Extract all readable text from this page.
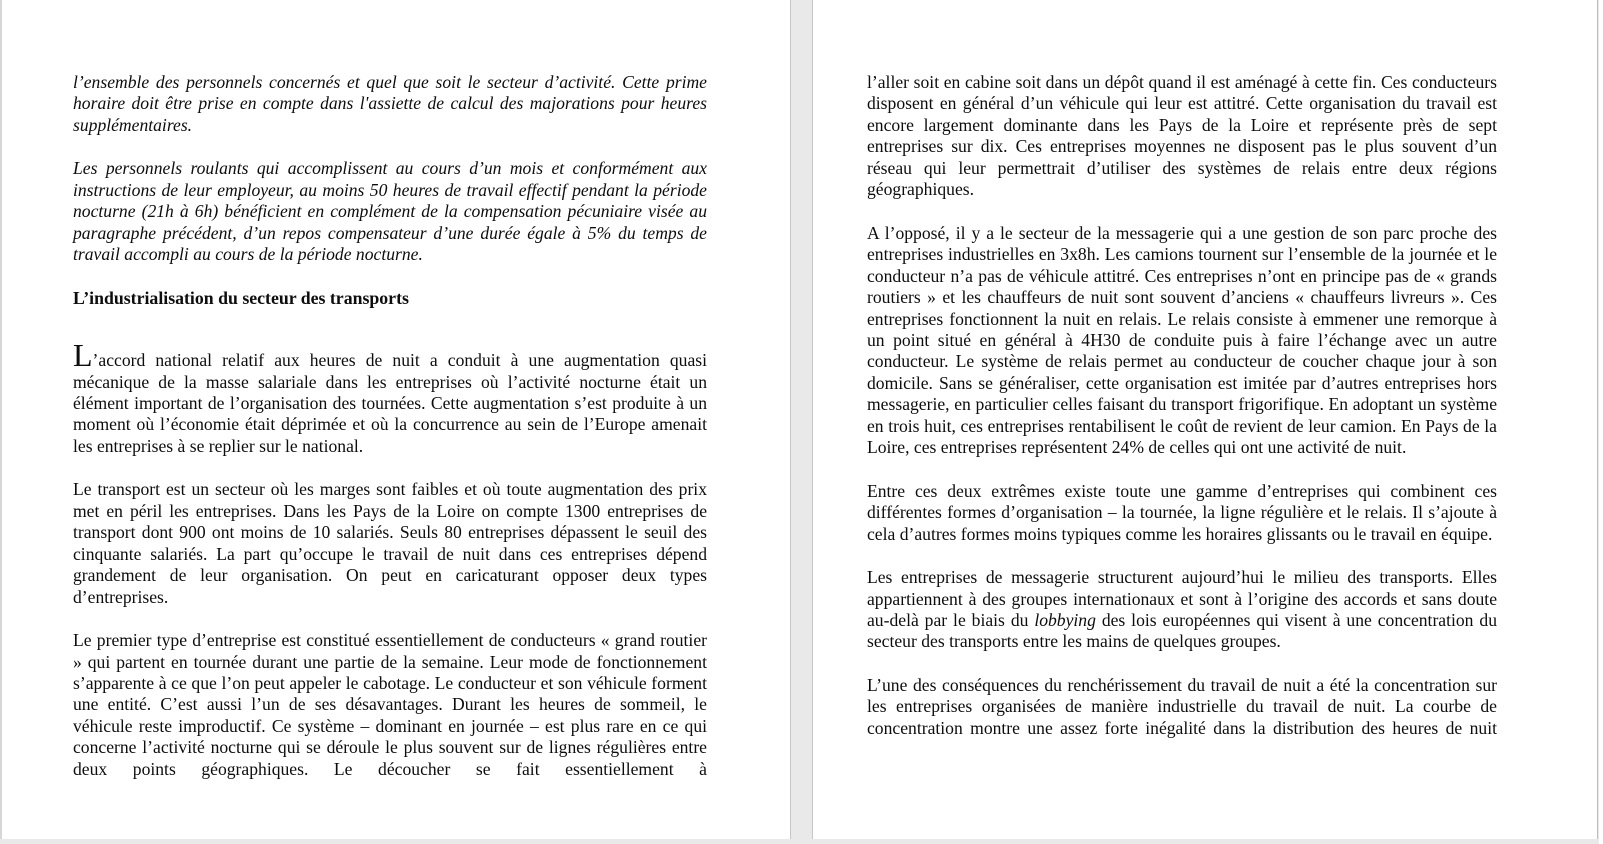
l’ensemble des personnels concernés et quel que soit le secteur d’activité. Cette prime horaire doit être prise en compte dans l'assiette de calcul des majorations pour heures supplémentaires.

Les personnels roulants qui accomplissent au cours d’un mois et conformément aux instructions de leur employeur, au moins 50 heures de travail effectif pendant la période nocturne (21h à 6h) bénéficient en complément de la compensation pécuniaire visée au paragraphe précédent, d’un repos compensateur d’une durée égale à 5% du temps de travail accompli au cours de la période nocturne.

L’industrialisation du secteur des transports

L’accord national relatif aux heures de nuit a conduit à une augmentation quasi mécanique de la masse salariale dans les entreprises où l’activité nocturne était un élément important de l’organisation des tournées. Cette augmentation s’est produite à un moment où l’économie était déprimée et où la concurrence au sein de l’Europe amenait les entreprises à se replier sur le national.

Le transport est un secteur où les marges sont faibles et où toute augmentation des prix met en péril les entreprises. Dans les Pays de la Loire on compte 1300 entreprises de transport dont 900 ont moins de 10 salariés. Seuls 80 entreprises dépassent le seuil des cinquante salariés. La part qu’occupe le travail de nuit dans ces entreprises dépend grandement de leur organisation. On peut en caricaturant opposer deux types d’entreprises.

Le premier type d’entreprise est constitué essentiellement de conducteurs « grand routier » qui partent en tournée durant une partie de la semaine. Leur mode de fonctionnement s’apparente à ce que l’on peut appeler le cabotage. Le conducteur et son véhicule forment une entité. C’est aussi l’un de ses désavantages. Durant les heures de sommeil, le véhicule reste improductif. Ce système – dominant en journée – est plus rare en ce qui concerne l’activité nocturne qui se déroule le plus souvent sur de lignes régulières entre deux points géographiques. Le découcher se fait essentiellement à

l’aller soit en cabine soit dans un dépôt quand il est aménagé à cette fin. Ces conducteurs disposent en général d’un véhicule qui leur est attitré. Cette organisation du travail est encore largement dominante dans les Pays de la Loire et représente près de sept entreprises sur dix. Ces entreprises moyennes ne disposent pas le plus souvent d’un réseau qui leur permettrait d’utiliser des systèmes de relais entre deux régions géographiques.

A l’opposé, il y a le secteur de la messagerie qui a une gestion de son parc proche des entreprises industrielles en 3x8h. Les camions tournent sur l’ensemble de la journée et le conducteur n’a pas de véhicule attitré. Ces entreprises n’ont en principe pas de « grands routiers » et les chauffeurs de nuit sont souvent d’anciens « chauffeurs livreurs ». Ces entreprises fonctionnent la nuit en relais. Le relais consiste à emmener une remorque à un point situé en général à 4H30 de conduite puis à faire l’échange avec un autre conducteur. Le système de relais permet au conducteur de coucher chaque jour à son domicile. Sans se généraliser, cette organisation est imitée par d’autres entreprises hors messagerie, en particulier celles faisant du transport frigorifique. En adoptant un système en trois huit, ces entreprises rentabilisent le coût de revient de leur camion. En Pays de la Loire, ces entreprises représentent 24% de celles qui ont une activité de nuit.

Entre ces deux extrêmes existe toute une gamme d’entreprises qui combinent ces différentes formes d’organisation – la tournée, la ligne régulière et le relais. Il s’ajoute à cela d’autres formes moins typiques comme les horaires glissants ou le travail en équipe.

Les entreprises de messagerie structurent aujourd’hui le milieu des transports. Elles appartiennent à des groupes internationaux et sont à l’origine des accords et sans doute au-delà par le biais du lobbying des lois européennes qui visent à une concentration du secteur des transports entre les mains de quelques groupes.

L’une des conséquences du renchérissement du travail de nuit a été la concentration sur les entreprises organisées de manière industrielle du travail de nuit. La courbe de concentration montre une assez forte inégalité dans la distribution des heures de nuit
